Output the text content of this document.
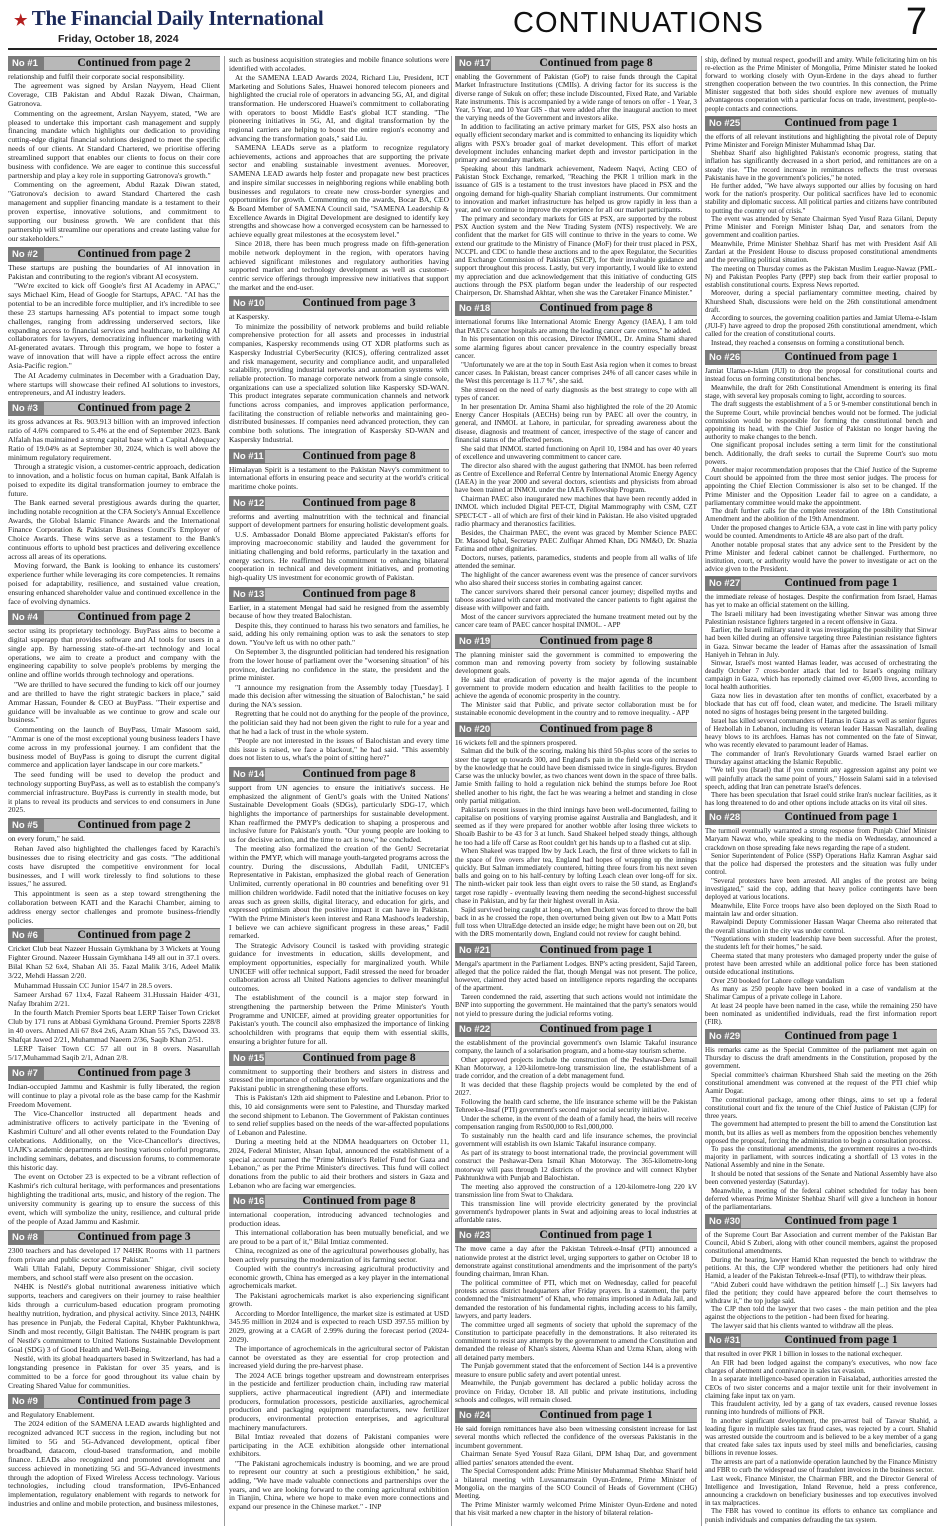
★ The Financial Daily International
Friday, October 18, 2024	CONTINUATIONS	7
No #1	Continued from page 2

relationship and fulfil their corporate social responsibility.

The agreement was signed by Arslan Nayyem, Head Client Coverage, CIB Pakistan and Abdul Razak Diwan, Chairman, Gatronova.

Commenting on the agreement, Arslan Nayyem, stated, "We are pleased to undertake this important cash management and supply financing mandate which highlights our dedication to providing cutting-edge digital financial solutions designed to meet the specific needs of our clients. At Standard Chartered, we prioritise offering streamlined support that enables our clients to focus on their core business with confidence. We are eager to continue this successful partnership and play a key role in supporting Gatronova's growth."

Commenting on the agreement, Abdul Razak Diwan stated, "Gatronova's decision to award Standard Chartered the cash management and supplier financing mandate is a testament to their proven expertise, innovative solutions, and commitment to supporting our business growth. We are confident that this partnership will streamline our operations and create lasting value for our stakeholders."

No #2	Continued from page 2

These startups are pushing the boundaries of AI innovation in Pakistan and contributing to the region's vibrant AI ecosystem.

"We're excited to kick off Google's first AI Academy in APAC," says Michael Kim, Head of Google for Startups, APAC. "AI has the potential to be an incredible force multiplier, and it's incredible to see these 23 startups harnessing AI's potential to impact some tough challenges, ranging from addressing underserved sectors, like expanding access to financial services and healthcare, to building AI collaborators for lawyers, democratizing influencer marketing with AI-generated avatars. Through this program, we hope to foster a wave of innovation that will have a ripple effect across the entire Asia-Pacific region."

The AI Academy culminates in December with a Graduation Day, where startups will showcase their refined AI solutions to investors, entrepreneurs, and AI industry leaders.

No #3	Continued from page 2

its gross advances at Rs. 903.913 billion with an improved infection ratio of 4.6% compared to 5.4% at the end of September 2023. Bank Alfalah has maintained a strong capital base with a Capital Adequacy Ratio of 19.04% as at September 30, 2024, which is well above the minimum regulatory requirement.

Through a strategic vision, a customer-centric approach, dedication to innovation, and a holistic focus on human capital, Bank Alfalah is poised to expedite its digital transformation journey to embrace the future.

The Bank earned several prestigious awards during the quarter, including notable recognition at the CFA Society's Annual Excellence Awards, the Global Islamic Finance Awards and the International Finance Corporation & Pakistan Business Council's Employer of Choice Awards. These wins serve as a testament to the Bank's continuous efforts to uphold best practices and delivering excellence across all areas of its operations.

Moving forward, the Bank is looking to enhance its customers' experience further while leveraging its core competencies. It remains poised for adaptability, resilience, and sustained value creation, ensuring enhanced shareholder value and continued excellence in the face of evolving dynamics.

No #4	Continued from page 2

sector using its proprietary technology. BuyPass aims to become a digital superapp that provides software and AI tools for users in a single app. By harnessing state-of-the-art technology and local operations, we aim to create a product and company with the engineering capability to solve people's problems by merging the online and offline worlds through technology and operations.

"We are thrilled to have secured the funding to kick off our journey and are thrilled to have the right strategic backers in place," said Ammar Hassan, Founder & CEO at BuyPass. "Their expertise and guidance will be invaluable as we continue to grow and scale our business."

Commenting on the launch of BuyPass, Umair Masoom said, "Ammar is one of the most exceptional young business leaders I have come across in my professional journey. I am confident that the business model of BuyPass is going to disrupt the current digital commerce and application layer landscape in our core markets."

The seed funding will be used to develop the product and technology supporting BuyPass, as well as to establish the company's commercial infrastructure. BuyPass is currently in stealth mode, but it plans to reveal its products and services to end consumers in June 2025.

No #5	Continued from page 2

on every forum," he said.

Rehan Javed also highlighted the challenges faced by Karachi's businesses due to rising electricity and gas costs. "The additional costs have disrupted the competitive environment for local businesses, and I will work tirelessly to find solutions to these issues," he assured.

This appointment is seen as a step toward strengthening the collaboration between KATI and the Karachi Chamber, aiming to address energy sector challenges and promote business-friendly policies.

No #6	Continued from page 2

Cricket Club beat Nazeer Hussain Gymkhana by 3 Wickets at Young Fighter Ground. Nazeer Hussain Gymkhana 149 all out in 37.1 overs. Bilal Khan 52 6x4, Shaban Ali 35. Fazal Malik 3/16, Adeel Malik 3/22, Mehdi Hassan 2/20.

Muhammad Hussain CC Junior 154/7 in 28.5 overs.

Sameer Arshad 67 11x4, Fazal Raheem 31.Hussain Haider 4/31, Nafay Ibrahim 2/21.

In the fourth Match Premier Sports beat LERP Taiser Town Cricket Club by 171 runs at Abbasi Gymkhana Ground. Premier Sports 228/8 in 40 overs. Ahmed Ali 67 8x4 2x6, Azam Khan 55 7x5, Dawood 33. Shafqat Jawed 2/21, Muhammad Naeem 2/36, Saqib Khan 2/51.

LERP Taiser Town CC 57 all out in 8 overs. Nasarullah 5/17,Muhammad Saqib 2/1, Adnan 2/8.

No #7	Continued from page 3

Indian-occupied Jammu and Kashmir is fully liberated, the region will continue to play a pivotal role as the base camp for the Kashmir Freedom Movement.

The Vice-Chancellor instructed all department heads and administrative officers to actively participate in the 'Evening of Kashmiri Culture' and all other events related to the Foundation Day celebrations. Additionally, on the Vice-Chancellor's directives, UAJK's academic departments are hosting various colorful programs, including seminars, debates, and discussion forums, to commemorate this historic day.

The event on October 23 is expected to be a vibrant reflection of Kashmir's rich cultural heritage, with performances and presentations highlighting the traditional arts, music, and history of the region. The university community is gearing up to ensure the success of this event, which will symbolize the unity, resilience, and cultural pride of the people of Azad Jammu and Kashmir.

No #8	Continued from page 3

2300 teachers and has developed 17 N4HK Rooms with 11 partners from private and public sector across Pakistan."

Wali Ullah Falahi, Deputy Commissioner Shigar, civil society members, and school staff were also present on the occasion.

N4HK is Nestlé's global nutritional awareness initiative which supports, teachers and caregivers on their journey to raise healthier kids through a curriculum-based education program promoting healthy nutrition, hydration, and physical activity. Since 2013, N4HK has presence in Punjab, the Federal Capital, Khyber Pakhtunkhwa, Sindh and most recently, Gilgit Baltistan. The N4HK program is part of Nestlé's commitment to United Nations Sustainable Development Goal (SDG) 3 of Good Health and Well-Being.

Nestlé, with its global headquarters based in Switzerland, has had a longstanding presence in Pakistan for over 35 years, and is committed to be a force for good throughout its value chain by Creating Shared Value for communities.

No #9	Continued from page 3

and Regulatory Enablement.

The 2024 edition of the SAMENA LEAD awards highlighted and recognized advanced ICT success in the region, including but not limited to 5G and 5G-Advanced development, optical fiber broadband, datacom, cloud-based transformation, and mobile finance. LEADs also recognized and promoted development and success achieved in monetizing 5G and 5G-Advanced investments through the adoption of Fixed Wireless Access technology. Various technologies, including cloud transformation, IPv6-Enhanced implementation, regulatory enablement with regards to network for industries and online and mobile protection, and business milestones,

such as business acquisition strategies and mobile finance solutions were identified with accolades.

At the SAMENA LEAD Awards 2024, Richard Liu, President, ICT Marketing and Solutions Sales, Huawei honored telecom pioneers and highlighted the crucial role of operators in advancing 5G, AI, and digital transformation. He underscored Huawei's commitment to collaborating with operators to boost Middle East's global ICT standing. "The pioneering initiatives in 5G, AI, and digital transformation by the regional carriers are helping to boost the entire region's economy and advancing the transformation goals," said Liu.

SAMENA LEADs serve as a platform to recognize regulatory achievements, actions and approaches that are supporting the private sector and enabling sustainable investment avenues. Moreover, SAMENA LEAD awards help foster and propagate new best practices and inspire similar successes in neighboring regions while enabling both businesses and regulators to create new cross-border synergies and opportunities for growth. Commenting on the awards, Bocar BA, CEO & Board Member of SAMENA Council said, "SAMENA Leadership & Excellence Awards in Digital Development are designed to identify key strengths and showcase how a converged ecosystem can be harnessed to achieve equally great milestones at the ecosystem level."

Since 2018, there has been much progress made on fifth-generation mobile network deployment in the region, with operators having achieved significant milestones and regulatory authorities having supported market and technology development as well as customer-centric service offerings through impressive new initiatives that support the market and the end-user.

No #10	Continued from page 3

at Kaspersky.

To minimize the possibility of network problems and build reliable comprehensive protection for all assets and processes in industrial companies, Kaspersky recommends using OT XDR platforms such as Kaspersky Industrial CyberSecurity (KICS), offering centralized asset and risk management, security and compliance audit, and unparalleled scalability, providing industrial networks and automation systems with reliable protection. To manage corporate network from a single console, organizations can use a specialized solution like Kaspersky SD-WAN. This product integrates separate communication channels and network functions across companies, and improves application performance, facilitating the construction of reliable networks and maintaining geo-distributed businesses. If companies need advanced protection, they can combine both solutions. The integration of Kaspersky SD-WAN and Kaspersky Industrial.

No #11	Continued from page 8

Himalayan Spirit is a testament to the Pakistan Navy's commitment to international efforts in ensuring peace and security at the world's critical maritime choke points.

No #12	Continued from page 8

;reforms and averting malnutrition with the technical and financial support of development partners for ensuring holistic development goals.

U.S. Ambassador Donald Blome appreciated Pakistan's efforts for improving macroeconomic stability and lauded the government for initiating challenging and bold reforms, particularly in the taxation and energy sectors. He reaffirmed his commitment to enhancing bilateral cooperation in technical and development initiatives, and promoting high-quality US investment for economic growth of Pakistan.

No #13	Continued from page 8

Earlier, in a statement Mengal had said he resigned from the assembly because of how they treated Balochistan.

Despite this, they continued to harass his two senators and families, he said, adding his only remaining option was to ask the senators to step down. "You've left us with no other path."

On September 3, the disgruntled politician had tendered his resignation from the lower house of parliament over the "worsening situation" of his province, declaring no confidence in the state, the president and the prime minister.

"I announce my resignation from the Assembly today [Tuesday]. I made this decision after witnessing the situation of Balochistan," he said during the NA's session.

Regretting that he could not do anything for the people of the province, the politician said they had not been given the right to rule for a year and that he had a lack of trust in the whole system.

"People are not interested in the issues of Balochistan and every time this issue is raised, we face a blackout," he had said. "This assembly does not listen to us, what's the point of sitting here?"

No #14	Continued from page 8

support from UN agencies to ensure the initiative's success. He emphasized the alignment of GenU's goals with the United Nations' Sustainable Development Goals (SDGs), particularly SDG-17, which highlights the importance of partnerships for sustainable development. Khan reaffirmed the PMYP's dedication to shaping a prosperous and inclusive future for Pakistan's youth. "Our young people are looking to us for decisive action, and the time to act is now," he concluded.

The meeting also formalized the creation of the GenU Secretariat within the PMYP, which will manage youth-targeted programs across the country. During the discussions, Abdullah Fadil, UNICEF's Representative in Pakistan, emphasized the global reach of Generation Unlimited, currently operational in 80 countries and benefiting over 91 million children worldwide. Fadil noted that the initiative focuses on key areas such as green skills, digital literacy, and education for girls, and expressed optimism about the positive impact it can have in Pakistan. "With the Prime Minister's keen interest and Rana Mashood's leadership, I believe we can achieve significant progress in these areas," Fadil remarked.

The Strategic Advisory Council is tasked with providing strategic guidance for investments in education, skills development, and employment opportunities, especially for marginalized youth. While UNICEF will offer technical support, Fadil stressed the need for broader collaboration across all United Nations agencies to deliver meaningful outcomes.

The establishment of the council is a major step forward in strengthening the partnership between the Prime Minister's Youth Programme and UNICEF, aimed at providing greater opportunities for Pakistan's youth. The council also emphasized the importance of linking schoolchildren with programs that equip them with essential skills, ensuring a brighter future for all.

No #15	Continued from page 8

commitment to supporting their brothers and sisters in distress and stressed the importance of collaboration by welfare organizations and the Pakistani public in strengthening these efforts.

This is Pakistan's 12th aid shipment to Palestine and Lebanon. Prior to this, 10 aid consignments were sent to Palestine, and Thursday marked the second shipment to Lebanon. The Government of Pakistan continues to send relief supplies based on the needs of the war-affected populations of Lebanon and Palestine.

During a meeting held at the NDMA headquarters on October 11, 2024, Federal Minister, Ahsan Iqbal, announced the establishment of a special account named the "Prime Minister's Relief Fund for Gaza and Lebanon," as per the Prime Minister's directives. This fund will collect donations from the public to aid their brothers and sisters in Gaza and Lebanon who are facing war emergencies.

No #16	Continued from page 8

international cooperation, introducing advanced technologies and production ideas.

This international collaboration has been mutually beneficial, and we are proud to be a part of it," Bilal Imtiaz commented.

China, recognized as one of the agricultural powerhouses globally, has been actively pursuing the modernization of its farming sector.

Coupled with the country's increasing agricultural productivity and economic growth, China has emerged as a key player in the international agrochemicals market.

The Pakistani agrochemicals market is also experiencing significant growth.

According to Mordor Intelligence, the market size is estimated at USD 345.95 million in 2024 and is expected to reach USD 397.55 million by 2029, growing at a CAGR of 2.99% during the forecast period (2024-2029).

The importance of agrochemicals in the agricultural sector of Pakistan cannot be overstated as they are essential for crop protection and increased yield during the pre-harvest phase.

The 2024 ACE brings together upstream and downstream enterprises in the pesticide and fertilizer production chain, including raw material suppliers, active pharmaceutical ingredient (API) and intermediate producers, formulation processors, pesticide auxiliaries, agrochemical production and packaging equipment manufacturers, new fertilizer producers, environmental protection enterprises, and agricultural machinery manufacturers.

Bilal Imtiaz revealed that dozens of Pakistani companies were participating in the ACE exhibition alongside other international exhibitors.

"The Pakistani agrochemicals industry is booming, and we are proud to represent our country at such a prestigious exhibition," he said, adding, "We have made valuable connections and partnerships over the years, and we are looking forward to the coming agricultural exhibition in Tianjin, China, where we hope to make even more connections and expand our presence in the Chinese market." - INP

No #17	Continued from page 8

enabling the Government of Pakistan (GoP) to raise funds through the Capital Market Infrastructure Institutions (CMIIs). A driving factor for its success is the diverse range of Sukuk on offer; these include Discounted, Fixed Rate, and Variable Rate instruments. This is accompanied by a wide range of tenors on offer - 1 Year, 3 Year, 5 Year, and 10 Year GIS - that were added after the inaugural auction to meet the varying needs of the Government and investors alike.

In addition to facilitating an active primary market for GIS, PSX also hosts an equally efficient secondary market and is committed to enhancing its liquidity which aligns with PSX's broader goal of market development. This effort of market development includes enhancing market depth and investor participation in the primary and secondary markets.

Speaking about this landmark achievement, Nadeem Naqvi, Acting CEO of Pakistan Stock Exchange, remarked, "Reaching the PKR 1 trillion mark in the issuance of GIS is a testament to the trust investors have placed in PSX and the ongoing demand for high-quality Shariah compliant instruments. Our commitment to innovation and market infrastructure has helped us grow rapidly in less than a year, and we continue to improve the experience for all our market participants.

The primary and secondary markets for GIS at PSX, are supported by the robust PSX Auction system and the New Trading System (NTS) respectively. We are confident that the market for GIS will continue to thrive in the years to come. We extend our gratitude to the Ministry of Finance (MoF) for their trust placed in PSX, NCCPL and CDC to handle these auctions and to the apex Regulator, the Securities and Exchange Commission of Pakistan (SECP), for their invaluable guidance and support throughout this process. Lastly, but very importantly, I would like to extend my appreciation and due acknowledgement that this initiative of conducting GIS auctions through the PSX platform began under the leadership of our respected Chairperson, Dr. Shamshad Akhtar, when she was the Caretaker Finance Minister."

No #18	Continued from page 8

international forums like International Atomic Energy Agency (IAEA), I am told that PAEC's cancer hospitals are among the leading cancer care centres," he added.

In his presentation on this occasion, Director INMOL, Dr. Amina Shami shared some alarming figures about cancer prevalence in the country especially breast cancer.

"Unfortunately we are at the top in South East Asia region when it comes to breast cancer cases. In Pakistan, breast cancer comprises 24% of all cancer cases while in the West this percentage is 11.7 %", she said.

She stressed on the need of early diagnosis as the best strategy to cope with all types of cancer.

In her presentation Dr. Amina Shami also highlighted the role of the 20 Atomic Energy Cancer Hospitals (AECHs) being run by PAEC all over the country, in general, and INMOL at Lahore, in particular, for spreading awareness about the disease, diagnosis and treatment of cancer, irrespective of the stage of cancer and financial status of the affected person.

She said that INMOL started functioning on April 10, 1984 and has over 40 years of excellence and unwavering commitment to cancer care.

The director also shared with the august gathering that INMOL has been referred as Centre of Excellence and Referral Centre by International Atomic Energy Agency (IAEA) in the year 2000 and several doctors, scientists and physicists from abroad have been trained at INMOL under the IAEA Fellowship Program.

Chairman PAEC also inaugurated new machines that have been recently added in INMOL which included Digital PET-CT, Digital Mammography with CSM, CZT SPECT-CT - all of which are first of their kind in Pakistan. He also visited upgraded radio pharmacy and theranostics facilities.

Besides, the Chairman PAEC, the event was graced by Member Science PAEC Dr. Masood Iqbal, Secretary PAEC Zulfiqar Ahmed Khan, DG NM&O, Dr. Shazia Fatima and other dignitaries.

Doctors, nurses, patients, paramedics, students and people from all walks of life attended the seminar.

The highlight of the cancer awareness event was the presence of cancer survivors who also shared their success stories in combating against cancer.

The cancer survivors shared their personal cancer journey; dispelled myths and taboos associated with cancer and motivated the cancer patients to fight against the disease with willpower and faith.

Most of the cancer survivors appreciated the humane treatment meted out by the cancer care team of PAEC cancer hospital INMOL. - APP

No #19	Continued from page 8

The planning minister said the government is committed to empowering the common man and removing poverty from society by following sustainable development goals.

He said that eradication of poverty is the major agenda of the incumbent government to provide modern education and health facilities to the people to achieve the agenda of economic prosperity in the country.

The Minister said that Public, and private sector collaboration must be for sustainable economic development in the country and to remove inequality. - APP

No #20	Continued from page 8

16 wickets fell and the spinners prospered.

Salman did the bulk of the scoring, making his third 50-plus score of the series to steer the target up towards 300, and England's pain in the field was only increased by the knowledge that he could have been dismissed twice in single-figures. Brydon Carse was the unlucky bowler, as two chances went down in the space of three balls. Jamie Smith failing to hold a regulation nick behind the stumps before Joe Root shelled another to his right, the fact he was wearing a helmet and standing in close only partial mitigation.

Pakistan's recent issues in the third innings have been well-documented, failing to capitalise on positions of varying promise against Australia and Bangladesh, and it seemed as if they were prepared for another wobble after losing three wickets to Shoaib Bashir to be 43 for 3 at lunch. Saud Shakeel helped steady things, although he too had a life off Carse as Root couldn't get his hands up to a flashed cut at slip.

When Shakeel was trapped lbw by Jack Leach, the first of three wickets to fall in the space of five overs after tea, England had hopes of wrapping up the innings quickly. But Salman immediately countered, hitting three fours from his next seven balls and going on to his half-century by lofting Leach clean over long-off for six. The ninth-wicket pair took less than eight overs to raise the 50 stand, as England's target rose rapidly - eventually leaving them needing the second-highest successful chase in Pakistan, and by far their highest overall in Asia.

Sajid survived being caught at long-on, when Duckett was forced to throw the ball back in as he crossed the rope, then overturned being given out lbw to a Matt Potts full toss when UltraEdge detected an inside edge; he might have been out on 20, but with the DRS momentarily down, England could not review for caught behind.

No #21	Continued from page 1

Mengal's apartment in the Parliament Lodges. BNP's acting president, Sajid Tareen, alleged that the police raided the flat, though Mengal was not present. The police, however, claimed they acted based on intelligence reports regarding the occupants of the apartment.

Tareen condemned the raid, asserting that such actions would not intimidate the BNP into supporting the government. He maintained that the party's senators would not yield to pressure during the judicial reforms voting.

No #22	Continued from page 1

the establishment of the provincial government's own Islamic Takaful insurance company, the launch of a solarisation program, and a home-stay tourism scheme.

Other approved projects include the construction of the Peshawar-Dera Ismail Khan Motorway, a 120-kilometre-long transmission line, the establishment of a trade corridor, and the creation of a debt management fund.

It was decided that these flagship projects would be completed by the end of 2027.

Following the health card scheme, the life insurance scheme will be the Pakistan Tehreek-e-Insaf (PTI) government's second major social security initiative.

Under the scheme, in the event of the death of a family head, the heirs will receive compensation ranging from Rs500,000 to Rs1,000,000.

To sustainably run the health card and life insurance schemes, the provincial government will establish its own Islamic Takaful insurance company.

As part of its strategy to boost international trade, the provincial government will construct the Peshawar-Dera Ismail Khan Motorway. The 365-kilometre-long motorway will pass through 12 districts of the province and will connect Khyber Pakhtunkhwa with Punjab and Balochistan.

The meeting also approved the construction of a 120-kilometre-long 220 kV transmission line from Swat to Chakdara.

This transmission line will provide electricity generated by the provincial government's hydropower plants in Swat and adjoining areas to local industries at affordable rates.

No #23	Continued from page 1

The move came a day after the Pakistan Tehreek-e-Insaf (PTI) announced a nationwide protest at the district level, urging supporters to gather on October 18 to demonstrate against constitutional amendments and the imprisonment of the party's founding chairman, Imran Khan.

The political committee of PTI, which met on Wednesday, called for peaceful protests across district headquarters after Friday prayers. In a statement, the party condemned the "mistreatment" of Khan, who remains imprisoned in Adiala Jail, and demanded the restoration of his fundamental rights, including access to his family, lawyers, and party leaders.

The committee urged all segments of society that uphold the supremacy of the Constitution to participate peacefully in the demonstrations. It also reiterated its commitment to resist any attempts by the government to amend the Constitution and demanded the release of Khan's sisters, Aleema Khan and Uzma Khan, along with all detained party members.

The Punjab government stated that the enforcement of Section 144 is a preventive measure to ensure public safety and avert potential unrest.

Meanwhile, the Punjab government has declared a public holiday across the province on Friday, October 18. All public and private institutions, including schools and colleges, will remain closed.

No #24	Continued from page 1

He said foreign remittances have also been witnessing consistent increase for last several months which reflected the confidence of the overseas Pakistanis in the incumbent government.

Chairman Senate Syed Yousuf Raza Gilani, DPM Ishaq Dar, and government allied parties' senators attended the event.

The Special Correspondent adds: Prime Minister Muhammad Shehbaz Sharif held a bilateral meeting with Luvsannamsrain Oyun-Erdene, Prime Minister of Mongolia, on the margins of the SCO Council of Heads of Government (CHG) Meeting.

The Prime Minister warmly welcomed Prime Minister Oyun-Erdene and noted that his visit marked a new chapter in the history of bilateral relation-

ship, defined by mutual respect, goodwill and amity. While felicitating him on his re-election as the Prime Minister of Mongolia, Prime Minister stated he looked forward to working closely with Oyun-Erdene in the days ahead to further strengthen cooperation between the two countries. In this connection, the Prime Minister suggested that both sides should explore new avenues of mutually advantageous cooperation with a particular focus on trade, investment, people-to-people contacts and connections.

No #25	Continued from page 1

the efforts of all relevant institutions and highlighting the pivotal role of Deputy Prime Minister and Foreign Minister Muhammad Ishaq Dar.

Shehbaz Sharif also highlighted Pakistan's economic progress, stating that inflation has significantly decreased in a short period, and remittances are on a steady rise. "The record increase in remittances reflects the trust overseas Pakistanis have in the government's policies," he noted.

He further added, "We have always supported our allies by focusing on hard work for the nation's prosperity. Our political sacrifices have led to economic stability and diplomatic success. All political parties and citizens have contributed to putting the country out of crisis."

The event was attended by Senate Chairman Syed Yusuf Raza Gilani, Deputy Prime Minister and Foreign Minister Ishaq Dar, and senators from the government and coalition parties.

Meanwhile, Prime Minister Shehbaz Sharif has met with President Asif Ali Zardari at the President House to discuss proposed constitutional amendments and the prevailing political situation.

The meeting on Thursday comes as the Pakistan Muslim League-Nawaz (PML-N) and Pakistan Peoples Party (PPP) step back from their earlier proposal to establish constitutional courts. Express News reported.

Moreover, during a special parliamentary committee meeting, chaired by Khursheed Shah, discussions were held on the 26th constitutional amendment draft.

According to sources, the governing coalition parties and Jamiat Ulema-e-Islam (JUI-F) have agreed to drop the proposed 26th constitutional amendment, which called for the creation of constitutional courts.

Instead, they reached a consensus on forming a constitutional bench.

No #26	Continued from page 1

Jamiat Ulama-e-Islam (JUI) to drop the proposal for constitutional courts and instead focus on forming constitutional benches.

Meanwhile, the draft for 26th Constitutional Amendment is entering its final stage, with several key proposals coming to light, according to sources.

The draft suggests the establishment of a 5 or 9-member constitutional bench in the Supreme Court, while provincial benches would not be formed. The judicial commission would be responsible for forming the constitutional bench and appointing its head, with the Chief Justice of Pakistan no longer having the authority to make changes to the bench.

One significant proposal includes setting a term limit for the constitutional bench. Additionally, the draft seeks to curtail the Supreme Court's suo motu powers.

Another major recommendation proposes that the Chief Justice of the Supreme Court should be appointed from the three most senior judges. The process for appointing the Chief Election Commissioner is also set to be changed. If the Prime Minister and the Opposition Leader fail to agree on a candidate, a parliamentary committee would make the appointment.

The draft further calls for the complete restoration of the 18th Constitutional Amendment and the abolition of the 19th Amendment.

Under the proposed changes to Article 63A, a vote cast in line with party policy would be counted. Amendments to Article 48 are also part of the draft.

Another notable proposal states that any advice sent to the President by the Prime Minister and federal cabinet cannot be challenged. Furthermore, no institution, court, or authority would have the power to investigate or act on the advice given to the President.

No #27	Continued from page 1

the immediate release of hostages. Despite the confirmation from Israel, Hamas has yet to make an official statement on the killing.

The Israeli military had been investigating whether Sinwar was among three Palestinian resistance fighters targeted in a recent offensive in Gaza.

Earlier, the Israeli military stated it was investigating the possibility that Sinwar had been killed during an offensive targeting three Palestinian resistance fighters in Gaza. Sinwar became the leader of Hamas after the assassination of Ismail Haniyeh in Tehran in July.

Sinwar, Israel's most wanted Hamas leader, was accused of orchestrating the deadly October 7 cross-border attack that led to Israel's ongoing military campaign in Gaza, which has reportedly claimed over 45,000 lives, according to local health authorities.

Gaza now lies in devastation after ten months of conflict, exacerbated by a blockade that has cut off food, clean water, and medicine. The Israeli military noted no signs of hostages being present in the targeted building.

Israel has killed several commanders of Hamas in Gaza as well as senior figures of Hezbollah in Lebanon, including its veteran leader Hassan Nasrallah, dealing heavy blows to its archfoes. Hamas has not commented on the fate of Sinwar, who was recently elevated to paramount leader of Hamas.

The commander of Iran's Revolutionary Guards warned Israel earlier on Thursday against attacking the Islamic Republic.

"We tell you (Israel) that if you commit any aggression against any point we will painfully attack the same point of yours," Hossein Salami said in a televised speech, adding that Iran can penetrate Israel's defences.

There has been speculation that Israel could strike Iran's nuclear facilities, as it has long threatened to do and other options include attacks on its vital oil sites.

No #28	Continued from page 1

The turmoil eventually warranted a strong response from Punjab Chief Minister Maryam Nawaz who, while speaking to the media on Wednesday, announced a crackdown on those spreading fake news regarding the rape of a student.

Senior Superintendent of Police (SSP) Operations Hafiz Kamran Asghar said that the police had dispersed the protesters and the situation was fully under control.

"Several protesters have been arrested. All angles of the protest are being investigated," said the cop, adding that heavy police contingents have been deployed at various locations.

Meanwhile, Elite Force troops have also been deployed on the Sixth Road to maintain law and order situation.

Rawalpindi Deputy Commissioner Hassan Waqar Cheema also reiterated that the overall situation in the city was under control.

"Negotiations with student leadership have been successful. After the protest, the students left for their homes," he said.

Cheema stated that many protesters who damaged property under the guise of protest have been arrested while an additional police force has been stationed outside educational institutions.

Over 250 booked for Lahore college vandalism

As many as 250 people have been booked in a case of vandalism at the Shalimar Campus of a private college in Lahore.

At least 24 people have been named in the case, while the remaining 250 have been nominated as unidentified individuals, read the first information report (FIR).

No #29	Continued from page 1

His remarks came as the Special Committee of the parliament met again on Thursday to discuss the draft amendments in the Constitution, proposed by the government.

Special committee's chairman Khursheed Shah said the meeting on the 26th constitutional amendment was convened at the request of the PTI chief whip Aamir Dogar.

The constitutional package, among other things, aims to set up a federal constitutional court and fix the tenure of the Chief Justice of Pakistan (CJP) for three years.

The government had attempted to present the bill to amend the Constitution last month, but its allies as well as members from the opposition benches vehemently opposed the proposal, forcing the administration to begin a consultation process.

To pass the constitutional amendments, the government requires a two-thirds majority in parliament, with sources indicating a shortfall of 13 votes in the National Assembly and nine in the Senate.

It should be noted that sessions of the Senate and National Assembly have also been convened yesterday (Saturday).

Meanwhile, a meeting of the federal cabinet scheduled for today has been deferred whereas Prime Minister Shehbaz Sharif will give a luncheon in honour of the parliamentarians.

No #30	Continued from page 1

of the Supreme Court Bar Association and current member of the Pakistan Bar Council, Abid S Zuberi, along with other council members, against the proposed constitutional amendments.

During the hearing, lawyer Hamid Khan requested the bench to withdraw the petitions. At this, the CJP wondered whether the petitioners had only hired Hamid, a leader of the Pakistan Tehreek-e-Insaf (PTI), to withdraw their pleas.

"Abid Zuberi could have withdrawn the petition himself [...] Six lawyers had filed the petition; they could have appeared before the court themselves to withdraw it," the top judge said.

The CJP then told the lawyer that two cases - the main petition and the plea against the objections to the petition - had been fixed for hearing.

The lawyer said that his clients wanted to withdraw all the pleas.

No #31	Continued from page 1

that resulted in over PKR 1 billion in losses to the national exchequer.

An FIR had been lodged against the company's executives, who now face charges of abetment and connivance in sales tax evasion.

In a separate intelligence-based operation in Faisalabad, authorities arrested the CEOs of two sister concerns and a major textile unit for their involvement in claiming fake input tax on yarn.

This fraudulent activity, led by a gang of tax evaders, caused revenue losses running into hundreds of millions of PKR.

In another significant development, the pre-arrest bail of Taswar Shahid, a leading figure in multiple sales tax fraud cases, was rejected by a court. Shahid was arrested outside the courtroom and is believed to be a key member of a gang that created fake sales tax inputs used by steel mills and beneficiaries, causing billions in revenue losses.

The arrests are part of a nationwide operation launched by the Finance Ministry and FBR to curb the widespread use of fraudulent invoices in the business sector.

Last week, Finance Minister, the Chairman FBR, and the Director General of Intelligence and Investigation, Inland Revenue, held a press conference, announcing a crackdown on beneficiary businesses and top executives involved in tax malpractices.

The FBR has vowed to continue its efforts to enhance tax compliance and punish individuals and companies defrauding the tax system.
